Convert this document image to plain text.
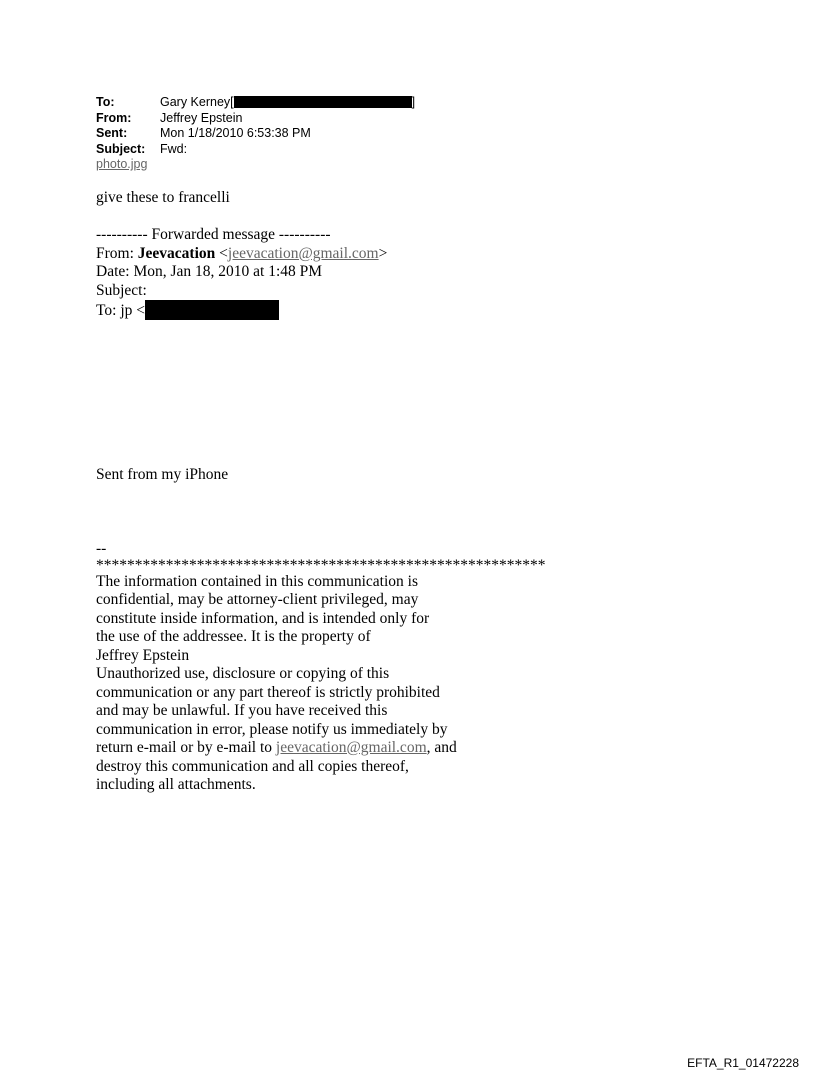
To:	Gary Kerney[	]
From: Jeffrey Epstein
Sent:	Mon 1/18/2010 6:53:38 PM
Subject: Fwd:
photo.jpg
give these to francelli
---------- Forwarded message ----------
From: Jeevacation <jeevacation@gmail.com>
Date: Mon, Jan 18, 2010 at 1:48 PM
Subject:
To: jp <
Sent from my iPhone
--
**********************************************************
The information contained in this communication is
confidential, may be attorney-client privileged, may
constitute inside information, and is intended only for
the use of the addressee. It is the property of
Jeffrey Epstein
Unauthorized use, disclosure or copying of this
communication or any part thereof is strictly prohibited
and may be unlawful. If you have received this
communication in error, please notify us immediately by
return e-mail or by e-mail to jeevacation@gmail.com, and
destroy this communication and all copies thereof,
including all attachments.
EFTA_R1_01472228
